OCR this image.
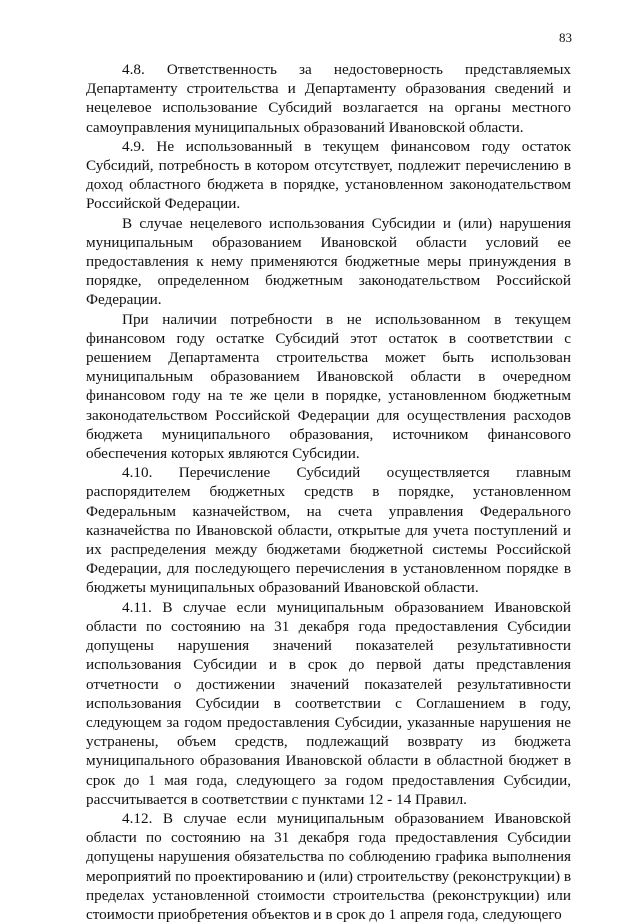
83

4.8. Ответственность за недостоверность представляемых Департаменту строительства и Департаменту образования сведений и нецелевое использование Субсидий возлагается на органы местного самоуправления муниципальных образований Ивановской области.

4.9. Не использованный в текущем финансовом году остаток Субсидий, потребность в котором отсутствует, подлежит перечислению в доход областного бюджета в порядке, установленном законодательством Российской Федерации.

В случае нецелевого использования Субсидии и (или) нарушения муниципальным образованием Ивановской области условий ее предоставления к нему применяются бюджетные меры принуждения в порядке, определенном бюджетным законодательством Российской Федерации.

При наличии потребности в не использованном в текущем финансовом году остатке Субсидий этот остаток в соответствии с решением Департамента строительства может быть использован муниципальным образованием Ивановской области в очередном финансовом году на те же цели в порядке, установленном бюджетным законодательством Российской Федерации для осуществления расходов бюджета муниципального образования, источником финансового обеспечения которых являются Субсидии.

4.10. Перечисление Субсидий осуществляется главным распорядителем бюджетных средств в порядке, установленном Федеральным казначейством, на счета управления Федерального казначейства по Ивановской области, открытые для учета поступлений и их распределения между бюджетами бюджетной системы Российской Федерации, для последующего перечисления в установленном порядке в бюджеты муниципальных образований Ивановской области.

4.11. В случае если муниципальным образованием Ивановской области по состоянию на 31 декабря года предоставления Субсидии допущены нарушения значений показателей результативности использования Субсидии и в срок до первой даты представления отчетности о достижении значений показателей результативности использования Субсидии в соответствии с Соглашением в году, следующем за годом предоставления Субсидии, указанные нарушения не устранены, объем средств, подлежащий возврату из бюджета муниципального образования Ивановской области в областной бюджет в срок до 1 мая года, следующего за годом предоставления Субсидии, рассчитывается в соответствии с пунктами 12 - 14 Правил.

4.12. В случае если муниципальным образованием Ивановской области по состоянию на 31 декабря года предоставления Субсидии допущены нарушения обязательства по соблюдению графика выполнения мероприятий по проектированию и (или) строительству (реконструкции) в пределах установленной стоимости строительства (реконструкции) или стоимости приобретения объектов и в срок до 1 апреля года, следующего
